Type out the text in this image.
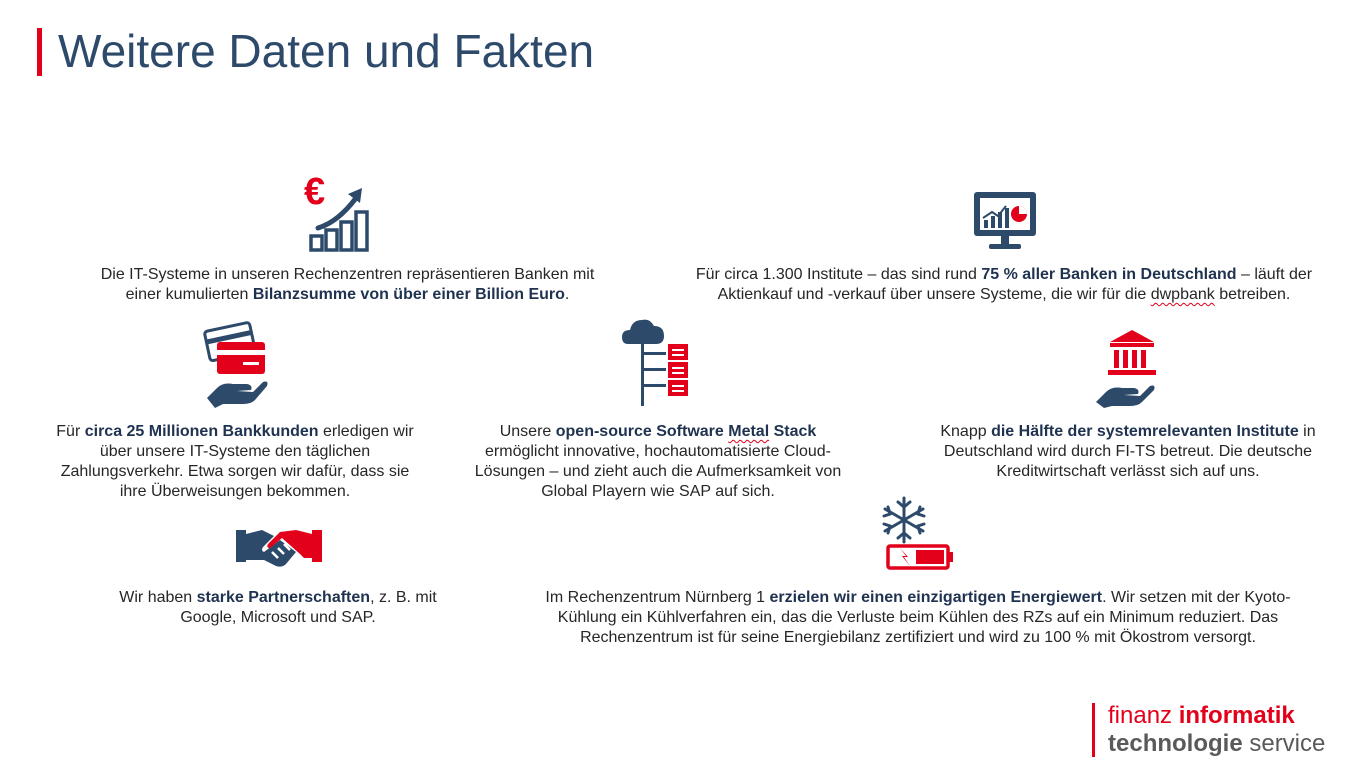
Weitere Daten und Fakten
€

Die IT-Systeme in unseren Rechenzentren repräsentieren Banken mit einer kumulierten Bilanzsumme von über einer Billion Euro.

Für circa 1.300 Institute – das sind rund 75 % aller Banken in Deutschland – läuft der Aktienkauf und -verkauf über unsere Systeme, die wir für die dwpbank betreiben.

Für circa 25 Millionen Bankkunden erledigen wir über unsere IT-Systeme den täglichen Zahlungsverkehr. Etwa sorgen wir dafür, dass sie ihre Überweisungen bekommen.

Unsere open-source Software Metal Stack ermöglicht innovative, hochautomatisierte Cloud-Lösungen – und zieht auch die Aufmerksamkeit von Global Playern wie SAP auf sich.

Knapp die Hälfte der systemrelevanten Institute in Deutschland wird durch FI-TS betreut. Die deutsche Kreditwirtschaft verlässt sich auf uns.

Wir haben starke Partnerschaften, z. B. mit Google, Microsoft und SAP.

Im Rechenzentrum Nürnberg 1 erzielen wir einen einzigartigen Energiewert. Wir setzen mit der Kyoto-Kühlung ein Kühlverfahren ein, das die Verluste beim Kühlen des RZs auf ein Minimum reduziert. Das Rechenzentrum ist für seine Energiebilanz zertifiziert und wird zu 100 % mit Ökostrom versorgt.

finanz informatik
technologie service
